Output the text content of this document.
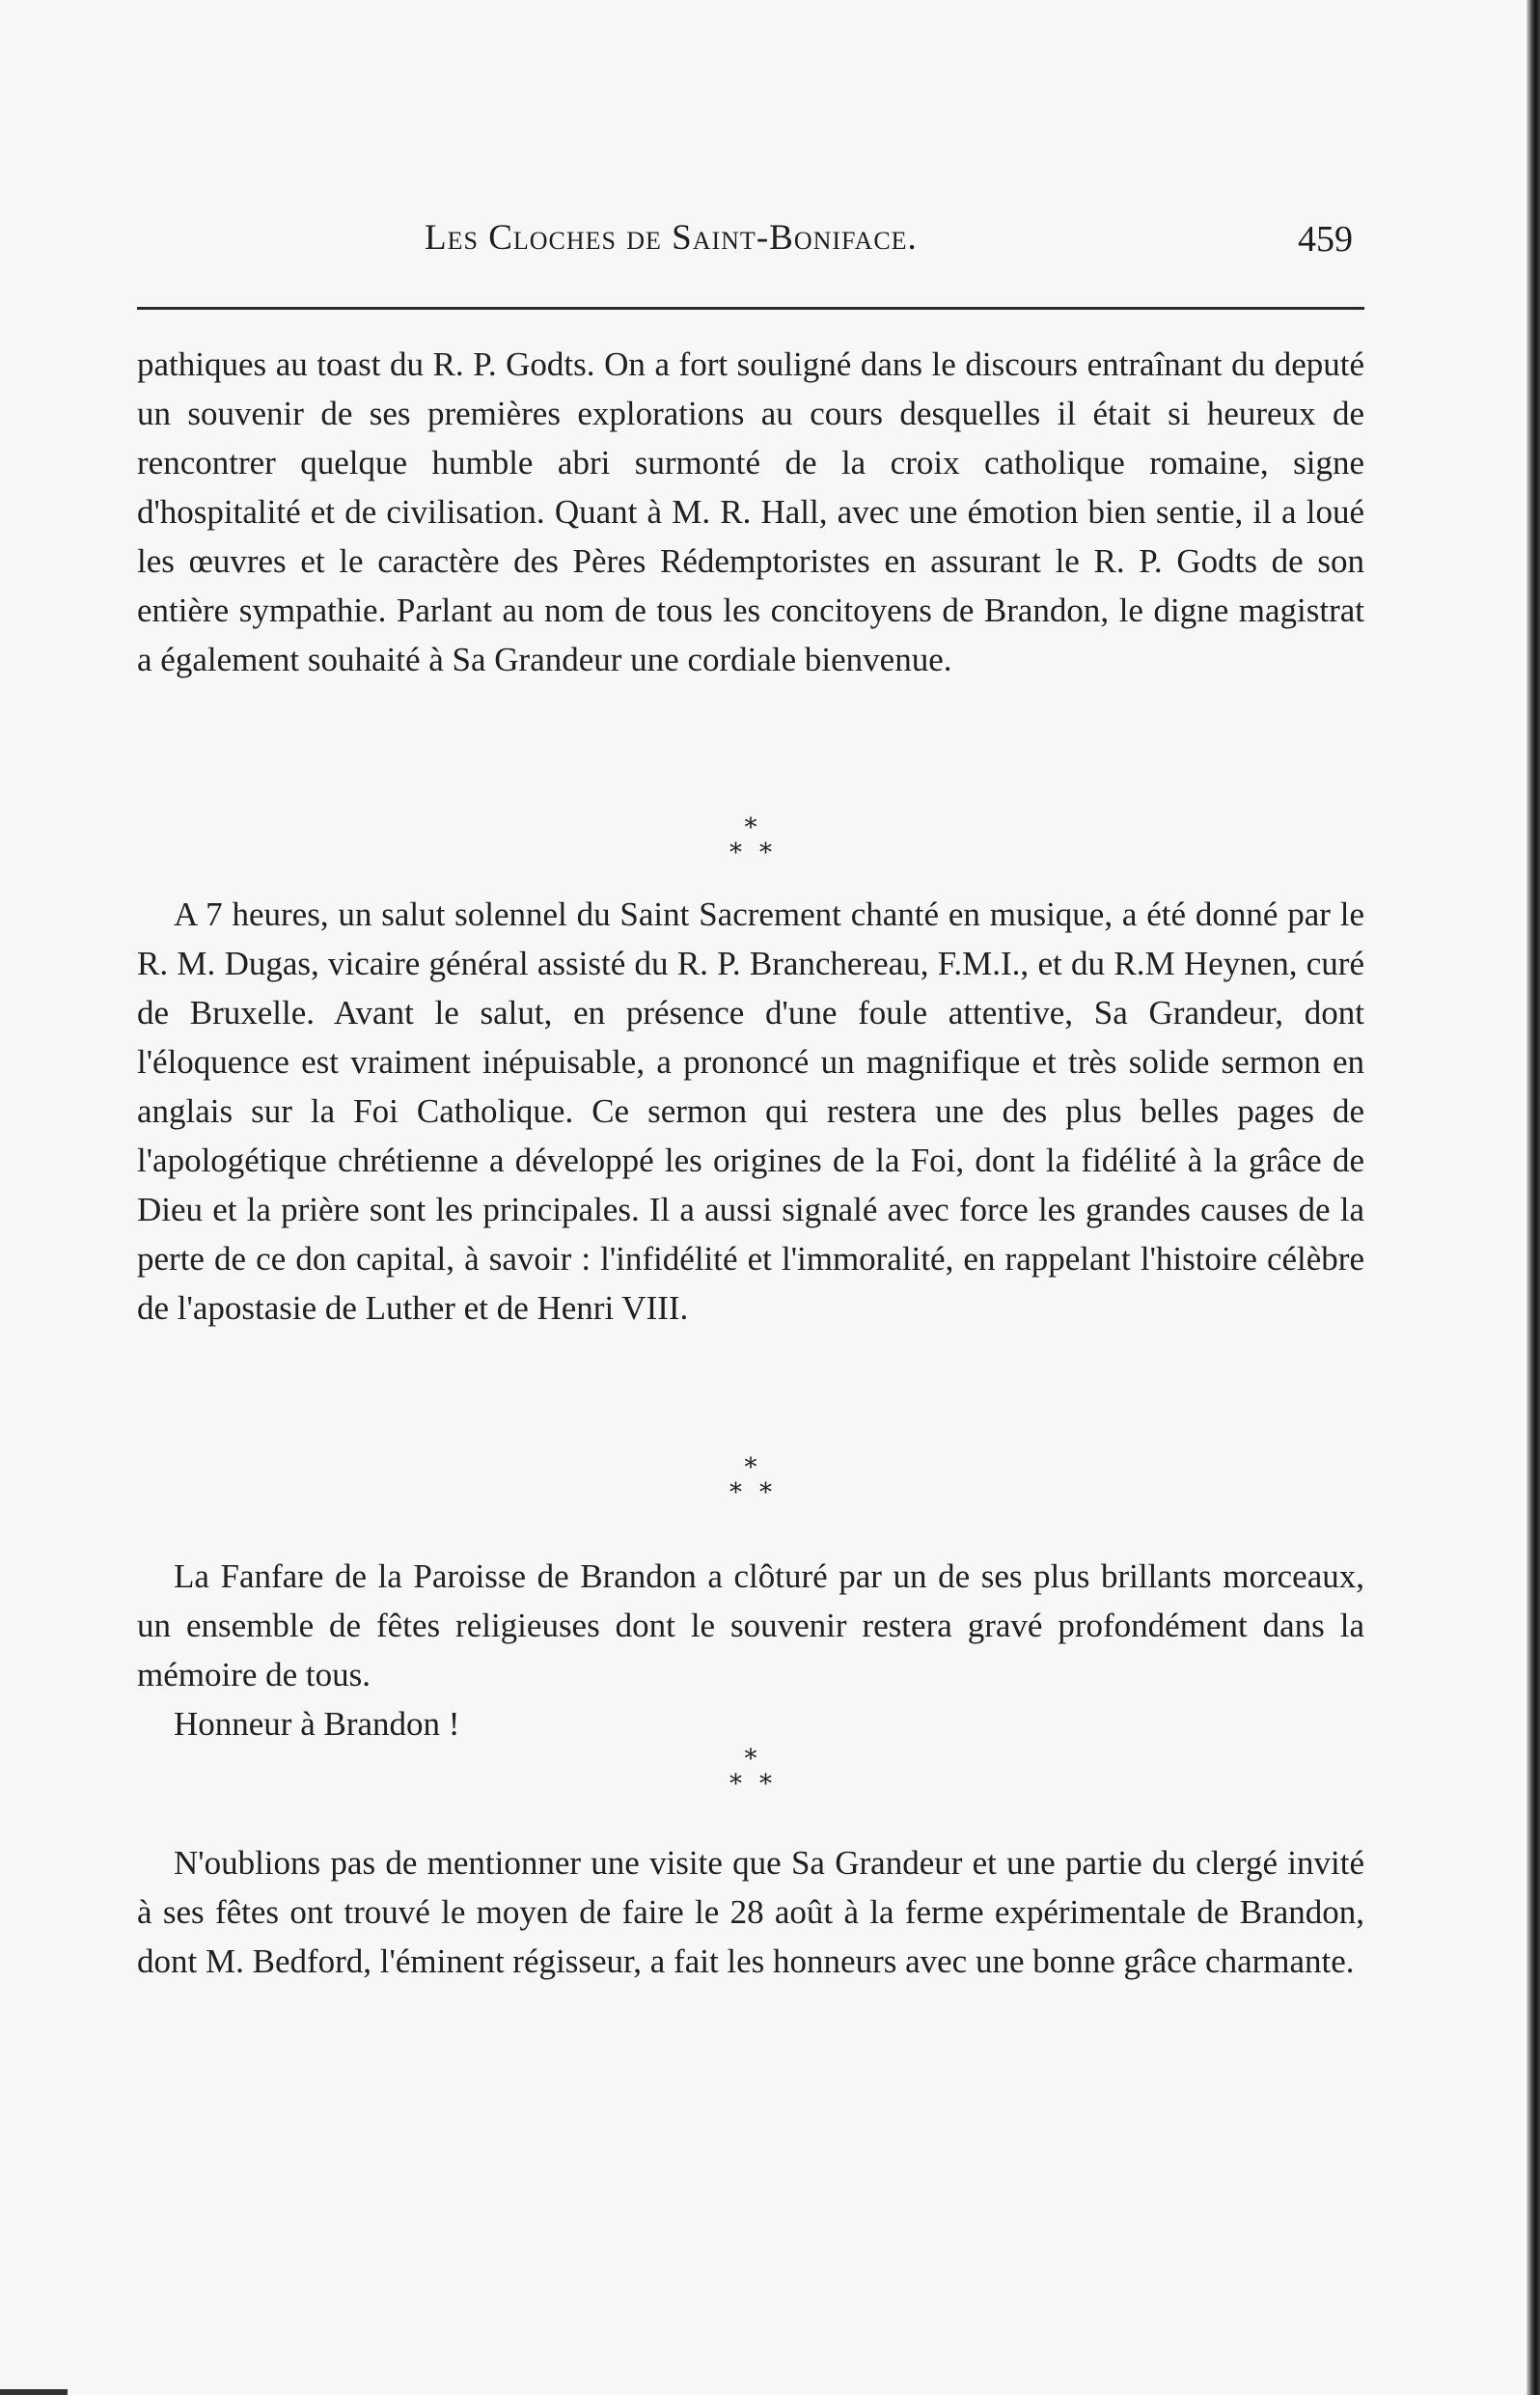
Les Cloches de Saint-Boniface.	459

pathiques au toast du R. P. Godts. On a fort souligné dans le discours entraînant du deputé un souvenir de ses premières explorations au cours desquelles il était si heureux de rencontrer quelque humble abri surmonté de la croix catholique romaine, signe d'hospitalité et de civilisation. Quant à M. R. Hall, avec une émotion bien sentie, il a loué les œuvres et le caractère des Pères Rédemptoristes en assurant le R. P. Godts de son entière sympathie. Parlant au nom de tous les concitoyens de Brandon, le digne magistrat a également souhaité à Sa Grandeur une cordiale bienvenue.

*
**

A 7 heures, un salut solennel du Saint Sacrement chanté en musique, a été donné par le R. M. Dugas, vicaire général assisté du R. P. Branchereau, F.M.I., et du R.M Heynen, curé de Bruxelle. Avant le salut, en présence d'une foule attentive, Sa Grandeur, dont l'éloquence est vraiment inépuisable, a prononcé un magnifique et très solide sermon en anglais sur la Foi Catholique. Ce sermon qui restera une des plus belles pages de l'apologétique chrétienne a développé les origines de la Foi, dont la fidélité à la grâce de Dieu et la prière sont les principales. Il a aussi signalé avec force les grandes causes de la perte de ce don capital, à savoir : l'infidélité et l'immoralité, en rappelant l'histoire célèbre de l'apostasie de Luther et de Henri VIII.

*
**

La Fanfare de la Paroisse de Brandon a clôturé par un de ses plus brillants morceaux, un ensemble de fêtes religieuses dont le souvenir restera gravé profondément dans la mémoire de tous.

Honneur à Brandon !

*
**

N'oublions pas de mentionner une visite que Sa Grandeur et une partie du clergé invité à ses fêtes ont trouvé le moyen de faire le 28 août à la ferme expérimentale de Brandon, dont M. Bedford, l'éminent régisseur, a fait les honneurs avec une bonne grâce charmante.
